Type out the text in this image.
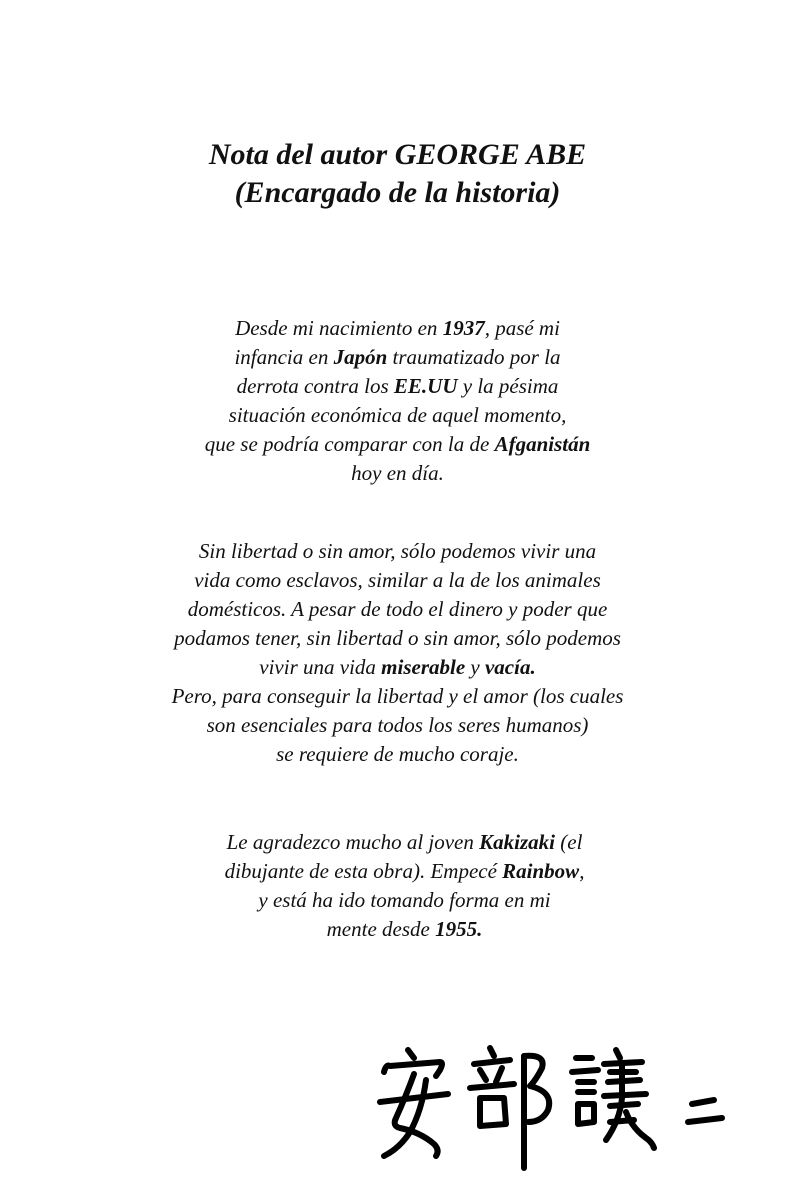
Nota del autor GEORGE ABE
(Encargado de la historia)
Desde mi nacimiento en 1937, pasé mi
infancia en Japón traumatizado por la
derrota contra los EE.UU y la pésima
situación económica de aquel momento,
que se podría comparar con la de Afganistán
hoy en día.
Sin libertad o sin amor, sólo podemos vivir una
vida como esclavos, similar a la de los animales
domésticos. A pesar de todo el dinero y poder que
podamos tener, sin libertad o sin amor, sólo podemos
vivir una vida miserable y vacía.
Pero, para conseguir la libertad y el amor (los cuales
son esenciales para todos los seres humanos)
se requiere de mucho coraje.
Le agradezco mucho al joven Kakizaki (el
dibujante de esta obra). Empecé Rainbow,
y está ha ido tomando forma en mi
mente desde 1955.
